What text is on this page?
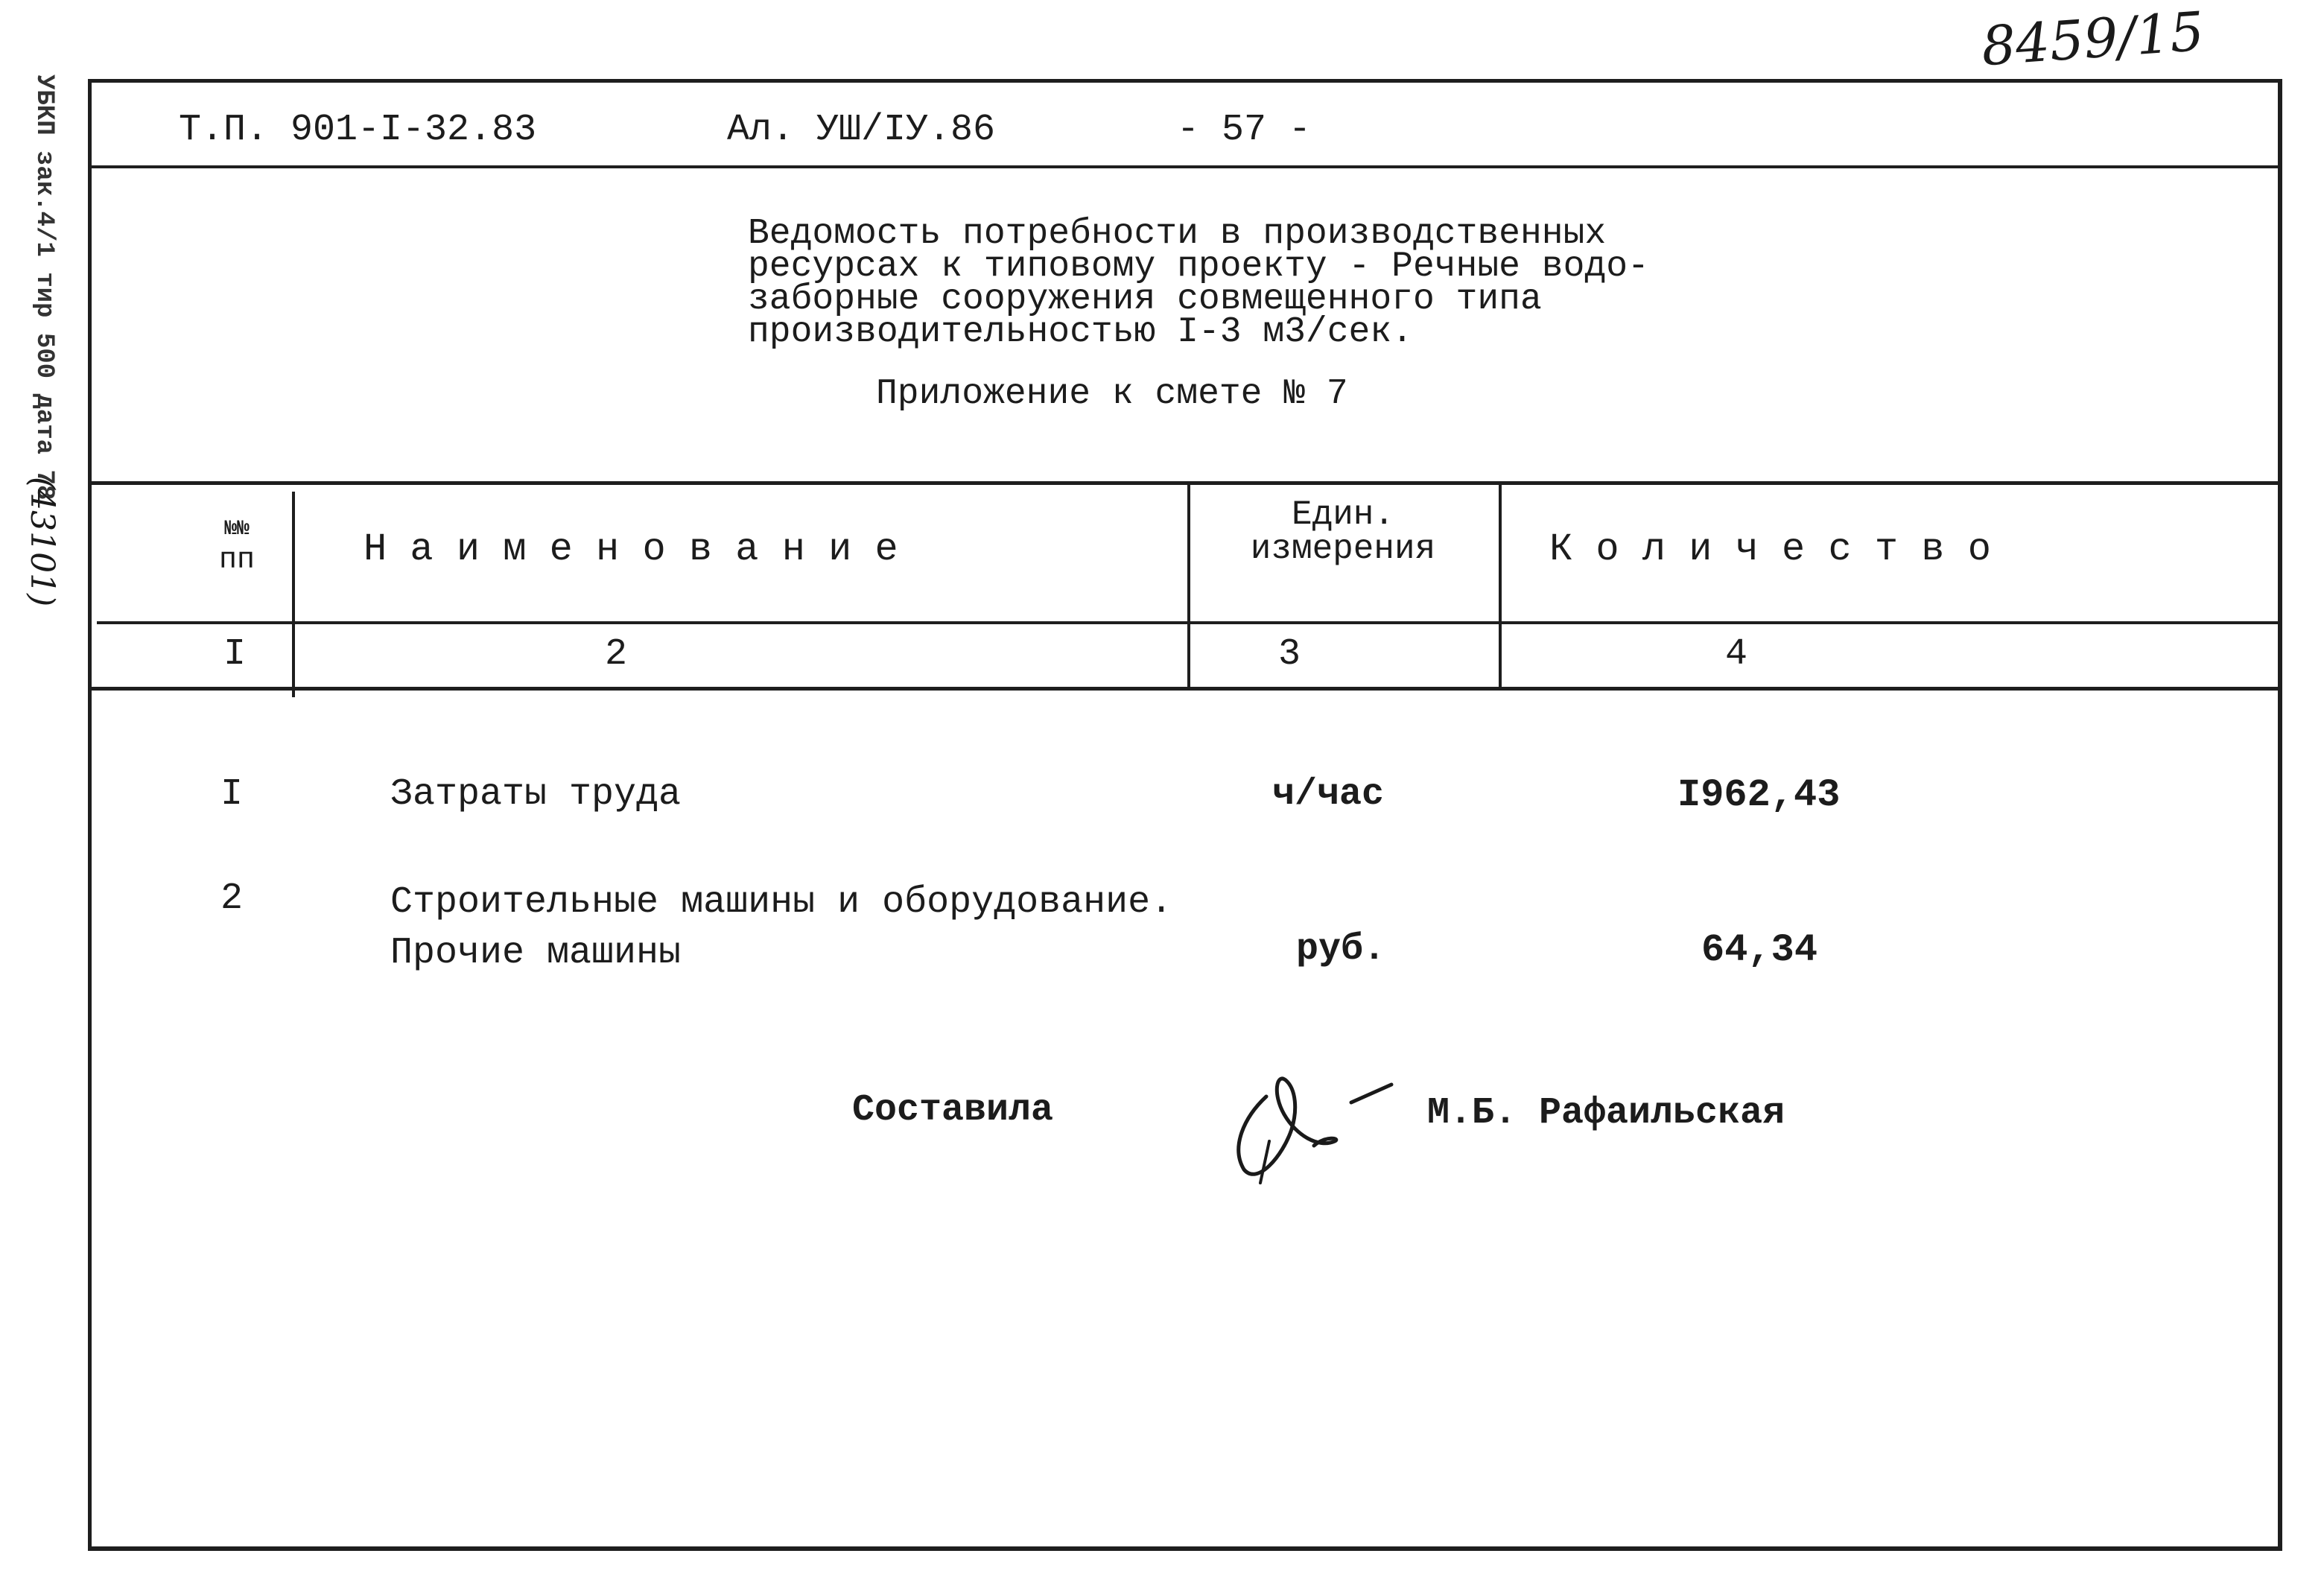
8459/15
УБКП зак.4/1 тир 500 дата 78
(43101)
Т.П. 901-I-32.83	Ал. УШ/IУ.86	- 57 -
Ведомость потребности в производственных
ресурсах к типовому проекту - Речные водо-
заборные сооружения совмещенного типа
производительностью I-3 м3/сек.
Приложение к смете № 7
№№
пп	Н а и м е н о в а н и е
Един.
измерения	К о л и ч е с т в о
I	2	3	4
I	Затраты труда	ч/час	I962,43
2	Строительные машины и оборудование.
Прочие машины	руб.	64,34
Составила	М.Б. Рафаильская
